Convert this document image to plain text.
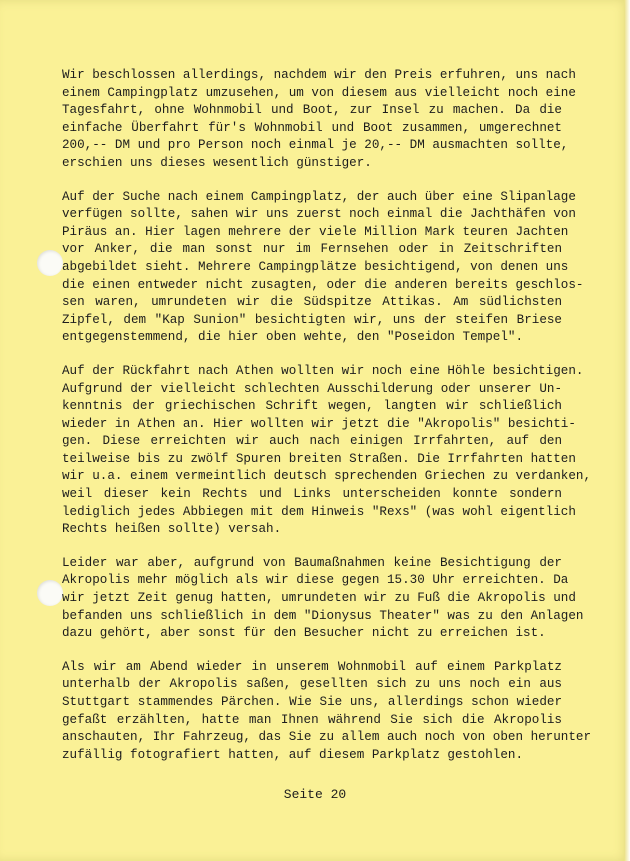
Wir beschlossen allerdings, nachdem wir den Preis erfuhren, uns nach
einem Campingplatz umzusehen, um von diesem aus vielleicht noch eine
Tagesfahrt, ohne Wohnmobil und Boot, zur Insel zu machen. Da die
einfache Überfahrt für's Wohnmobil und Boot zusammen, umgerechnet
200,-- DM und pro Person noch einmal je 20,-- DM ausmachten sollte,
erschien uns dieses wesentlich günstiger.
Auf der Suche nach einem Campingplatz, der auch über eine Slipanlage
verfügen sollte, sahen wir uns zuerst noch einmal die Jachthäfen von
Piräus an. Hier lagen mehrere der viele Million Mark teuren Jachten
vor Anker, die man sonst nur im Fernsehen oder in Zeitschriften
abgebildet sieht. Mehrere Campingplätze besichtigend, von denen uns
die einen entweder nicht zusagten, oder die anderen bereits geschlos-
sen waren, umrundeten wir die Südspitze Attikas. Am südlichsten
Zipfel, dem "Kap Sunion" besichtigten wir, uns der steifen Briese
entgegenstemmend, die hier oben wehte, den "Poseidon Tempel".
Auf der Rückfahrt nach Athen wollten wir noch eine Höhle besichtigen.
Aufgrund der vielleicht schlechten Ausschilderung oder unserer Un-
kenntnis der griechischen Schrift wegen, langten wir schließlich
wieder in Athen an. Hier wollten wir jetzt die "Akropolis" besichti-
gen. Diese erreichten wir auch nach einigen Irrfahrten, auf den
teilweise bis zu zwölf Spuren breiten Straßen. Die Irrfahrten hatten
wir u.a. einem vermeintlich deutsch sprechenden Griechen zu verdanken,
weil dieser kein Rechts und Links unterscheiden konnte sondern
lediglich jedes Abbiegen mit dem Hinweis "Rexs" (was wohl eigentlich
Rechts heißen sollte) versah.
Leider war aber, aufgrund von Baumaßnahmen keine Besichtigung der
Akropolis mehr möglich als wir diese gegen 15.30 Uhr erreichten. Da
wir jetzt Zeit genug hatten, umrundeten wir zu Fuß die Akropolis und
befanden uns schließlich in dem "Dionysus Theater" was zu den Anlagen
dazu gehört, aber sonst für den Besucher nicht zu erreichen ist.
Als wir am Abend wieder in unserem Wohnmobil auf einem Parkplatz
unterhalb der Akropolis saßen, gesellten sich zu uns noch ein aus
Stuttgart stammendes Pärchen. Wie Sie uns, allerdings schon wieder
gefaßt erzählten, hatte man Ihnen während Sie sich die Akropolis
anschauten, Ihr Fahrzeug, das Sie zu allem auch noch von oben herunter
zufällig fotografiert hatten, auf diesem Parkplatz gestohlen.
Seite 20
